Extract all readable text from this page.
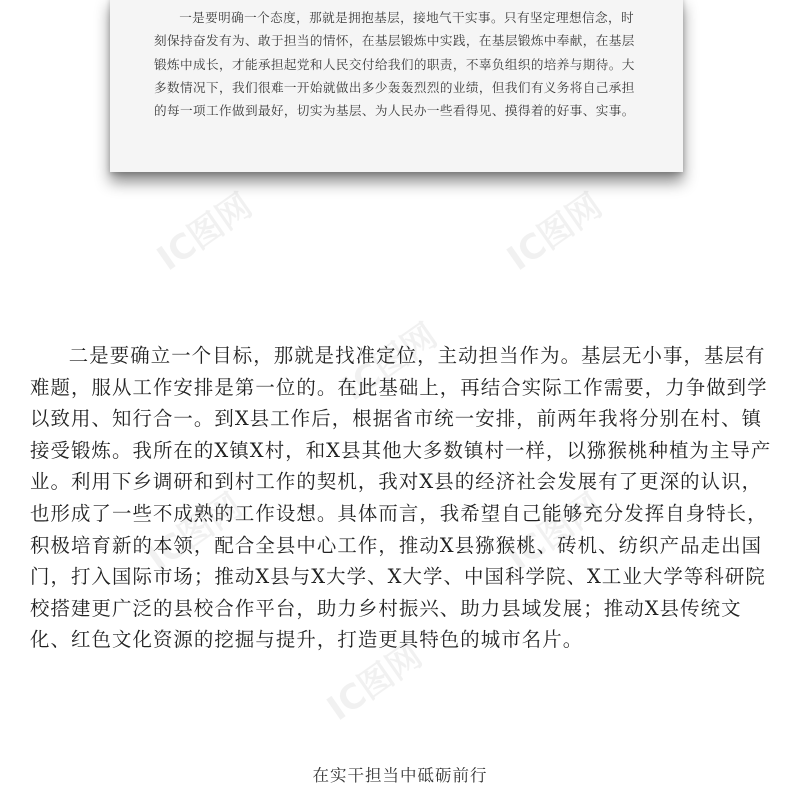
一是要明确一个态度，那就是拥抱基层，接地气干实事。只有坚定理想信念，时刻保持奋发有为、敢于担当的情怀，在基层锻炼中实践，在基层锻炼中奉献，在基层锻炼中成长，才能承担起党和人民交付给我们的职责，不辜负组织的培养与期待。大多数情况下，我们很难一开始就做出多少轰轰烈烈的业绩，但我们有义务将自己承担的每一项工作做到最好，切实为基层、为人民办一些看得见、摸得着的好事、实事。

IC图网	IC图网
IC图网
IC图网	IC图网
IC图网

二是要确立一个目标，那就是找准定位，主动担当作为。基层无小事，基层有难题，服从工作安排是第一位的。在此基础上，再结合实际工作需要，力争做到学以致用、知行合一。到X县工作后，根据省市统一安排，前两年我将分别在村、镇接受锻炼。我所在的X镇X村，和X县其他大多数镇村一样，以猕猴桃种植为主导产业。利用下乡调研和到村工作的契机，我对X县的经济社会发展有了更深的认识，也形成了一些不成熟的工作设想。具体而言，我希望自己能够充分发挥自身特长，积极培育新的本领，配合全县中心工作，推动X县猕猴桃、砖机、纺织产品走出国门，打入国际市场；推动X县与X大学、X大学、中国科学院、X工业大学等科研院校搭建更广泛的县校合作平台，助力乡村振兴、助力县域发展；推动X县传统文化、红色文化资源的挖掘与提升，打造更具特色的城市名片。

在实干担当中砥砺前行
